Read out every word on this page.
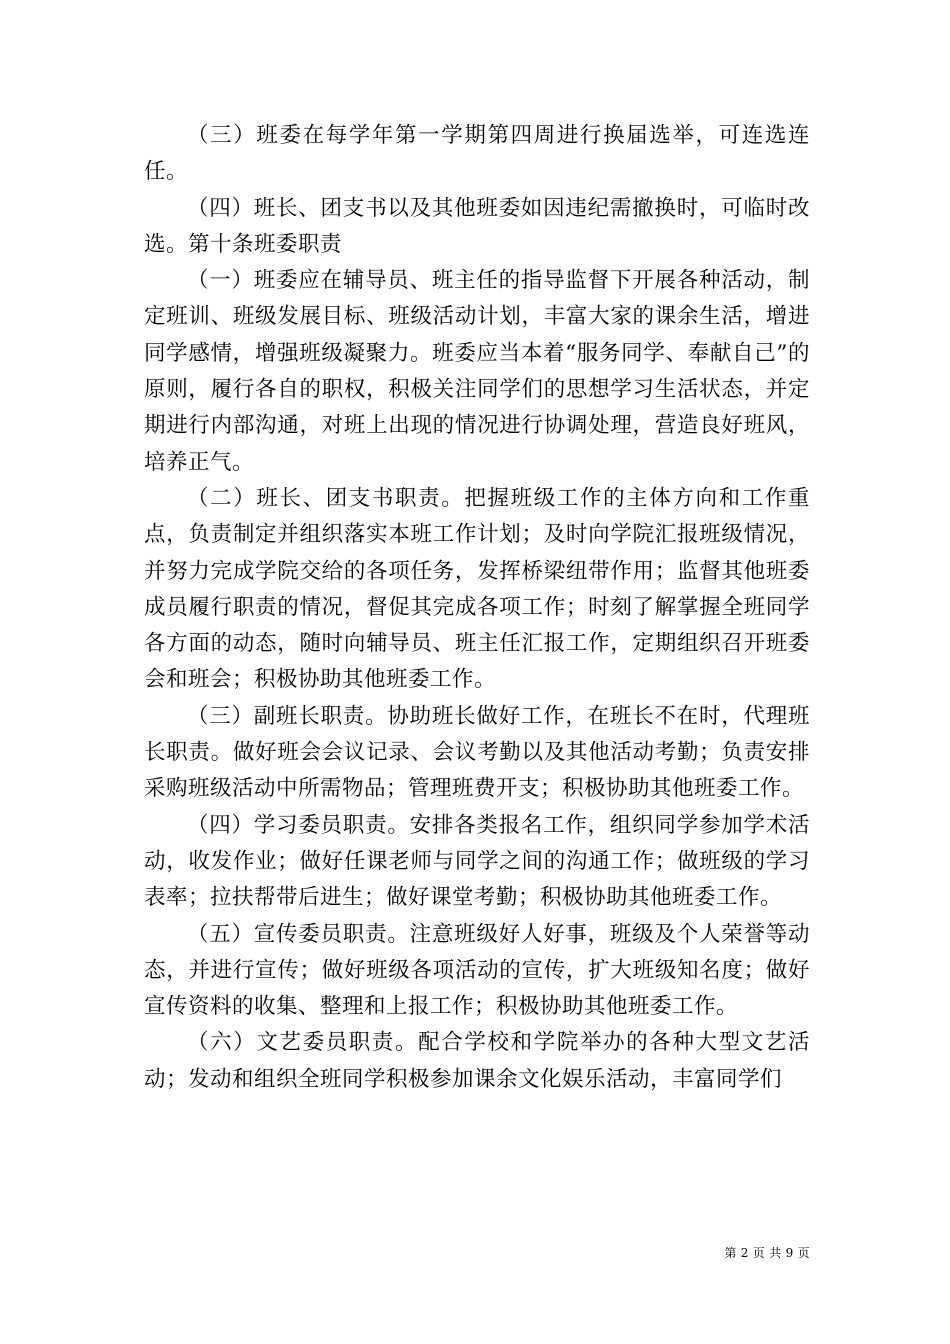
（三）班委在每学年第一学期第四周进行换届选举，可连选连任。

（四）班长、团支书以及其他班委如因违纪需撤换时，可临时改选。第十条班委职责

（一）班委应在辅导员、班主任的指导监督下开展各种活动，制定班训、班级发展目标、班级活动计划，丰富大家的课余生活，增进同学感情，增强班级凝聚力。班委应当本着“服务同学、奉献自己”的原则，履行各自的职权，积极关注同学们的思想学习生活状态，并定期进行内部沟通，对班上出现的情况进行协调处理，营造良好班风，培养正气。

（二）班长、团支书职责。把握班级工作的主体方向和工作重点，负责制定并组织落实本班工作计划；及时向学院汇报班级情况，并努力完成学院交给的各项任务，发挥桥梁纽带作用；监督其他班委成员履行职责的情况，督促其完成各项工作；时刻了解掌握全班同学各方面的动态，随时向辅导员、班主任汇报工作，定期组织召开班委会和班会；积极协助其他班委工作。

（三）副班长职责。协助班长做好工作，在班长不在时，代理班长职责。做好班会会议记录、会议考勤以及其他活动考勤；负责安排采购班级活动中所需物品；管理班费开支；积极协助其他班委工作。

（四）学习委员职责。安排各类报名工作，组织同学参加学术活动，收发作业；做好任课老师与同学之间的沟通工作；做班级的学习表率；拉扶帮带后进生；做好课堂考勤；积极协助其他班委工作。

（五）宣传委员职责。注意班级好人好事，班级及个人荣誉等动态，并进行宣传；做好班级各项活动的宣传，扩大班级知名度；做好宣传资料的收集、整理和上报工作；积极协助其他班委工作。

（六）文艺委员职责。配合学校和学院举办的各种大型文艺活动；发动和组织全班同学积极参加课余文化娱乐活动，丰富同学们

第 2 页 共 9 页
